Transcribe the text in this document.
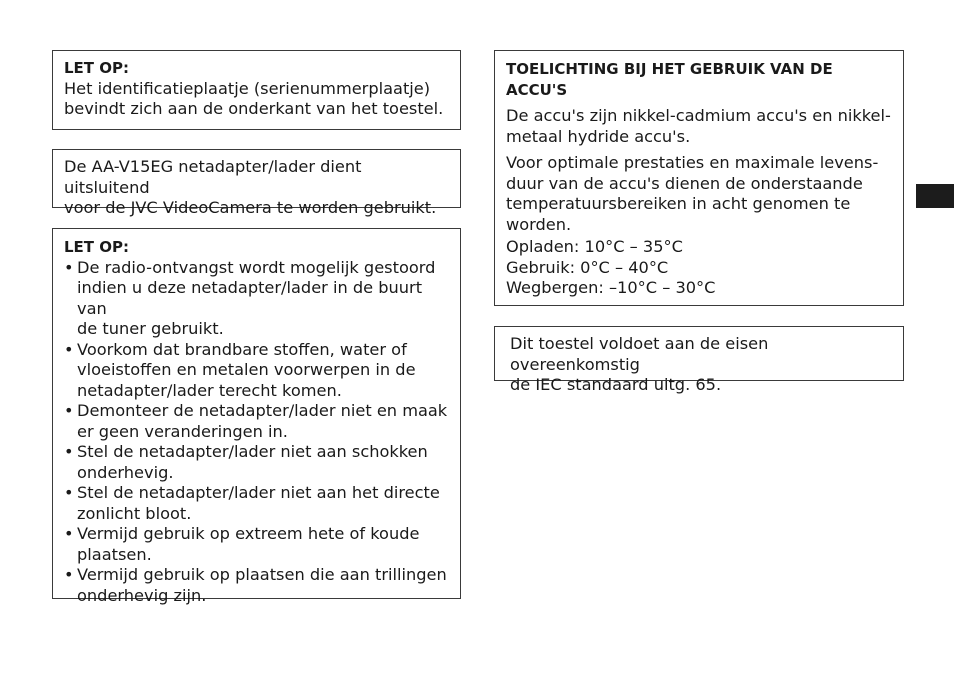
LET OP:

Het identificatieplaatje (serienummerplaatje)

bevindt zich aan de onderkant van het toestel.

De AA-V15EG netadapter/lader dient uitsluitend

voor de JVC VideoCamera te worden gebruikt.

LET OP:

• De radio-ontvangst wordt mogelijk gestoord
indien u deze netadapter/lader in de buurt van
de tuner gebruikt.
• Voorkom dat brandbare stoffen, water of
vloeistoffen en metalen voorwerpen in de
netadapter/lader terecht komen.
• Demonteer de netadapter/lader niet en maak
er geen veranderingen in.
• Stel de netadapter/lader niet aan schokken
onderhevig.
• Stel de netadapter/lader niet aan het directe
zonlicht bloot.
• Vermijd gebruik op extreem hete of koude
plaatsen.
• Vermijd gebruik op plaatsen die aan trillingen
onderhevig zijn.

TOELICHTING BIJ HET GEBRUIK VAN DE
ACCU'S

De accu's zijn nikkel-cadmium accu's en nikkel-
metaal hydride accu's.

Voor optimale prestaties en maximale levens-
duur van de accu's dienen de onderstaande
temperatuursbereiken in acht genomen te
worden.

Opladen: 10°C – 35°C
Gebruik: 0°C – 40°C
Wegbergen: –10°C – 30°C

Dit toestel voldoet aan de eisen overeenkomstig

de IEC standaard uitg. 65.
